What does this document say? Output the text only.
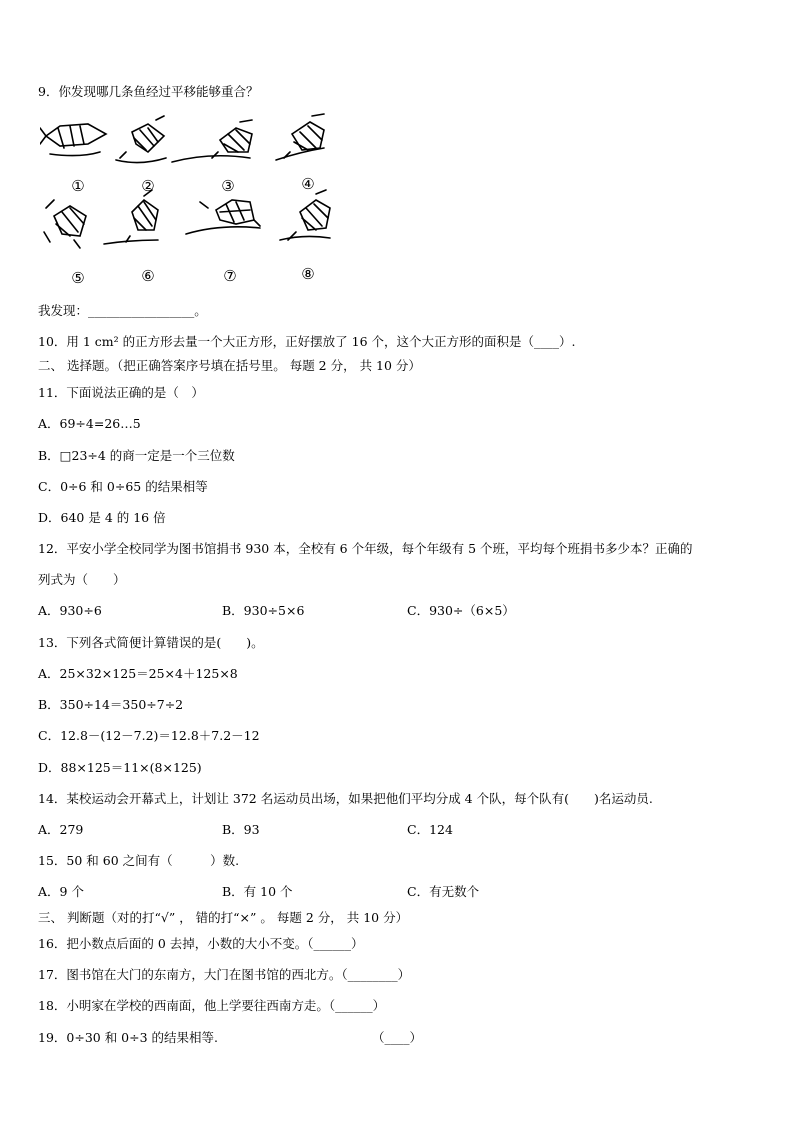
9．你发现哪几条鱼经过平移能够重合？
①	②	③	④
⑤	⑥	⑦	⑧
我发现：_________________。
10．用 1 cm² 的正方形去量一个大正方形，正好摆放了 16 个，这个大正方形的面积是（____）.
二、 选择题。（把正确答案序号填在括号里。 每题 2 分， 共 10 分）
11．下面说法正确的是（　）
A．69÷4=26…5
B．□23÷4 的商一定是一个三位数
C．0÷6 和 0÷65 的结果相等
D．640 是 4 的 16 倍
12．平安小学全校同学为图书馆捐书 930 本，全校有 6 个年级，每个年级有 5 个班，平均每个班捐书多少本？正确的
列式为（　　）
A．930÷6	B．930÷5×6	C．930÷（6×5）
13．下列各式简便计算错误的是(　　)。
A．25×32×125＝25×4＋125×8
B．350÷14＝350÷7÷2
C．12.8－(12－7.2)＝12.8＋7.2－12
D．88×125＝11×(8×125)
14．某校运动会开幕式上，计划让 372 名运动员出场，如果把他们平均分成 4 个队，每个队有(　　)名运动员.
A．279	B．93	C．124
15．50 和 60 之间有（　　　）数.
A．9 个	B．有 10 个	C．有无数个
三、 判断题（对的打“√” ， 错的打“×” 。 每题 2 分， 共 10 分）
16．把小数点后面的 0 去掉，小数的大小不变。（______）
17．图书馆在大门的东南方，大门在图书馆的西北方。（________）
18．小明家在学校的西南面，他上学要往西南方走。（______）
19．0÷30 和 0÷3 的结果相等.	（____）
